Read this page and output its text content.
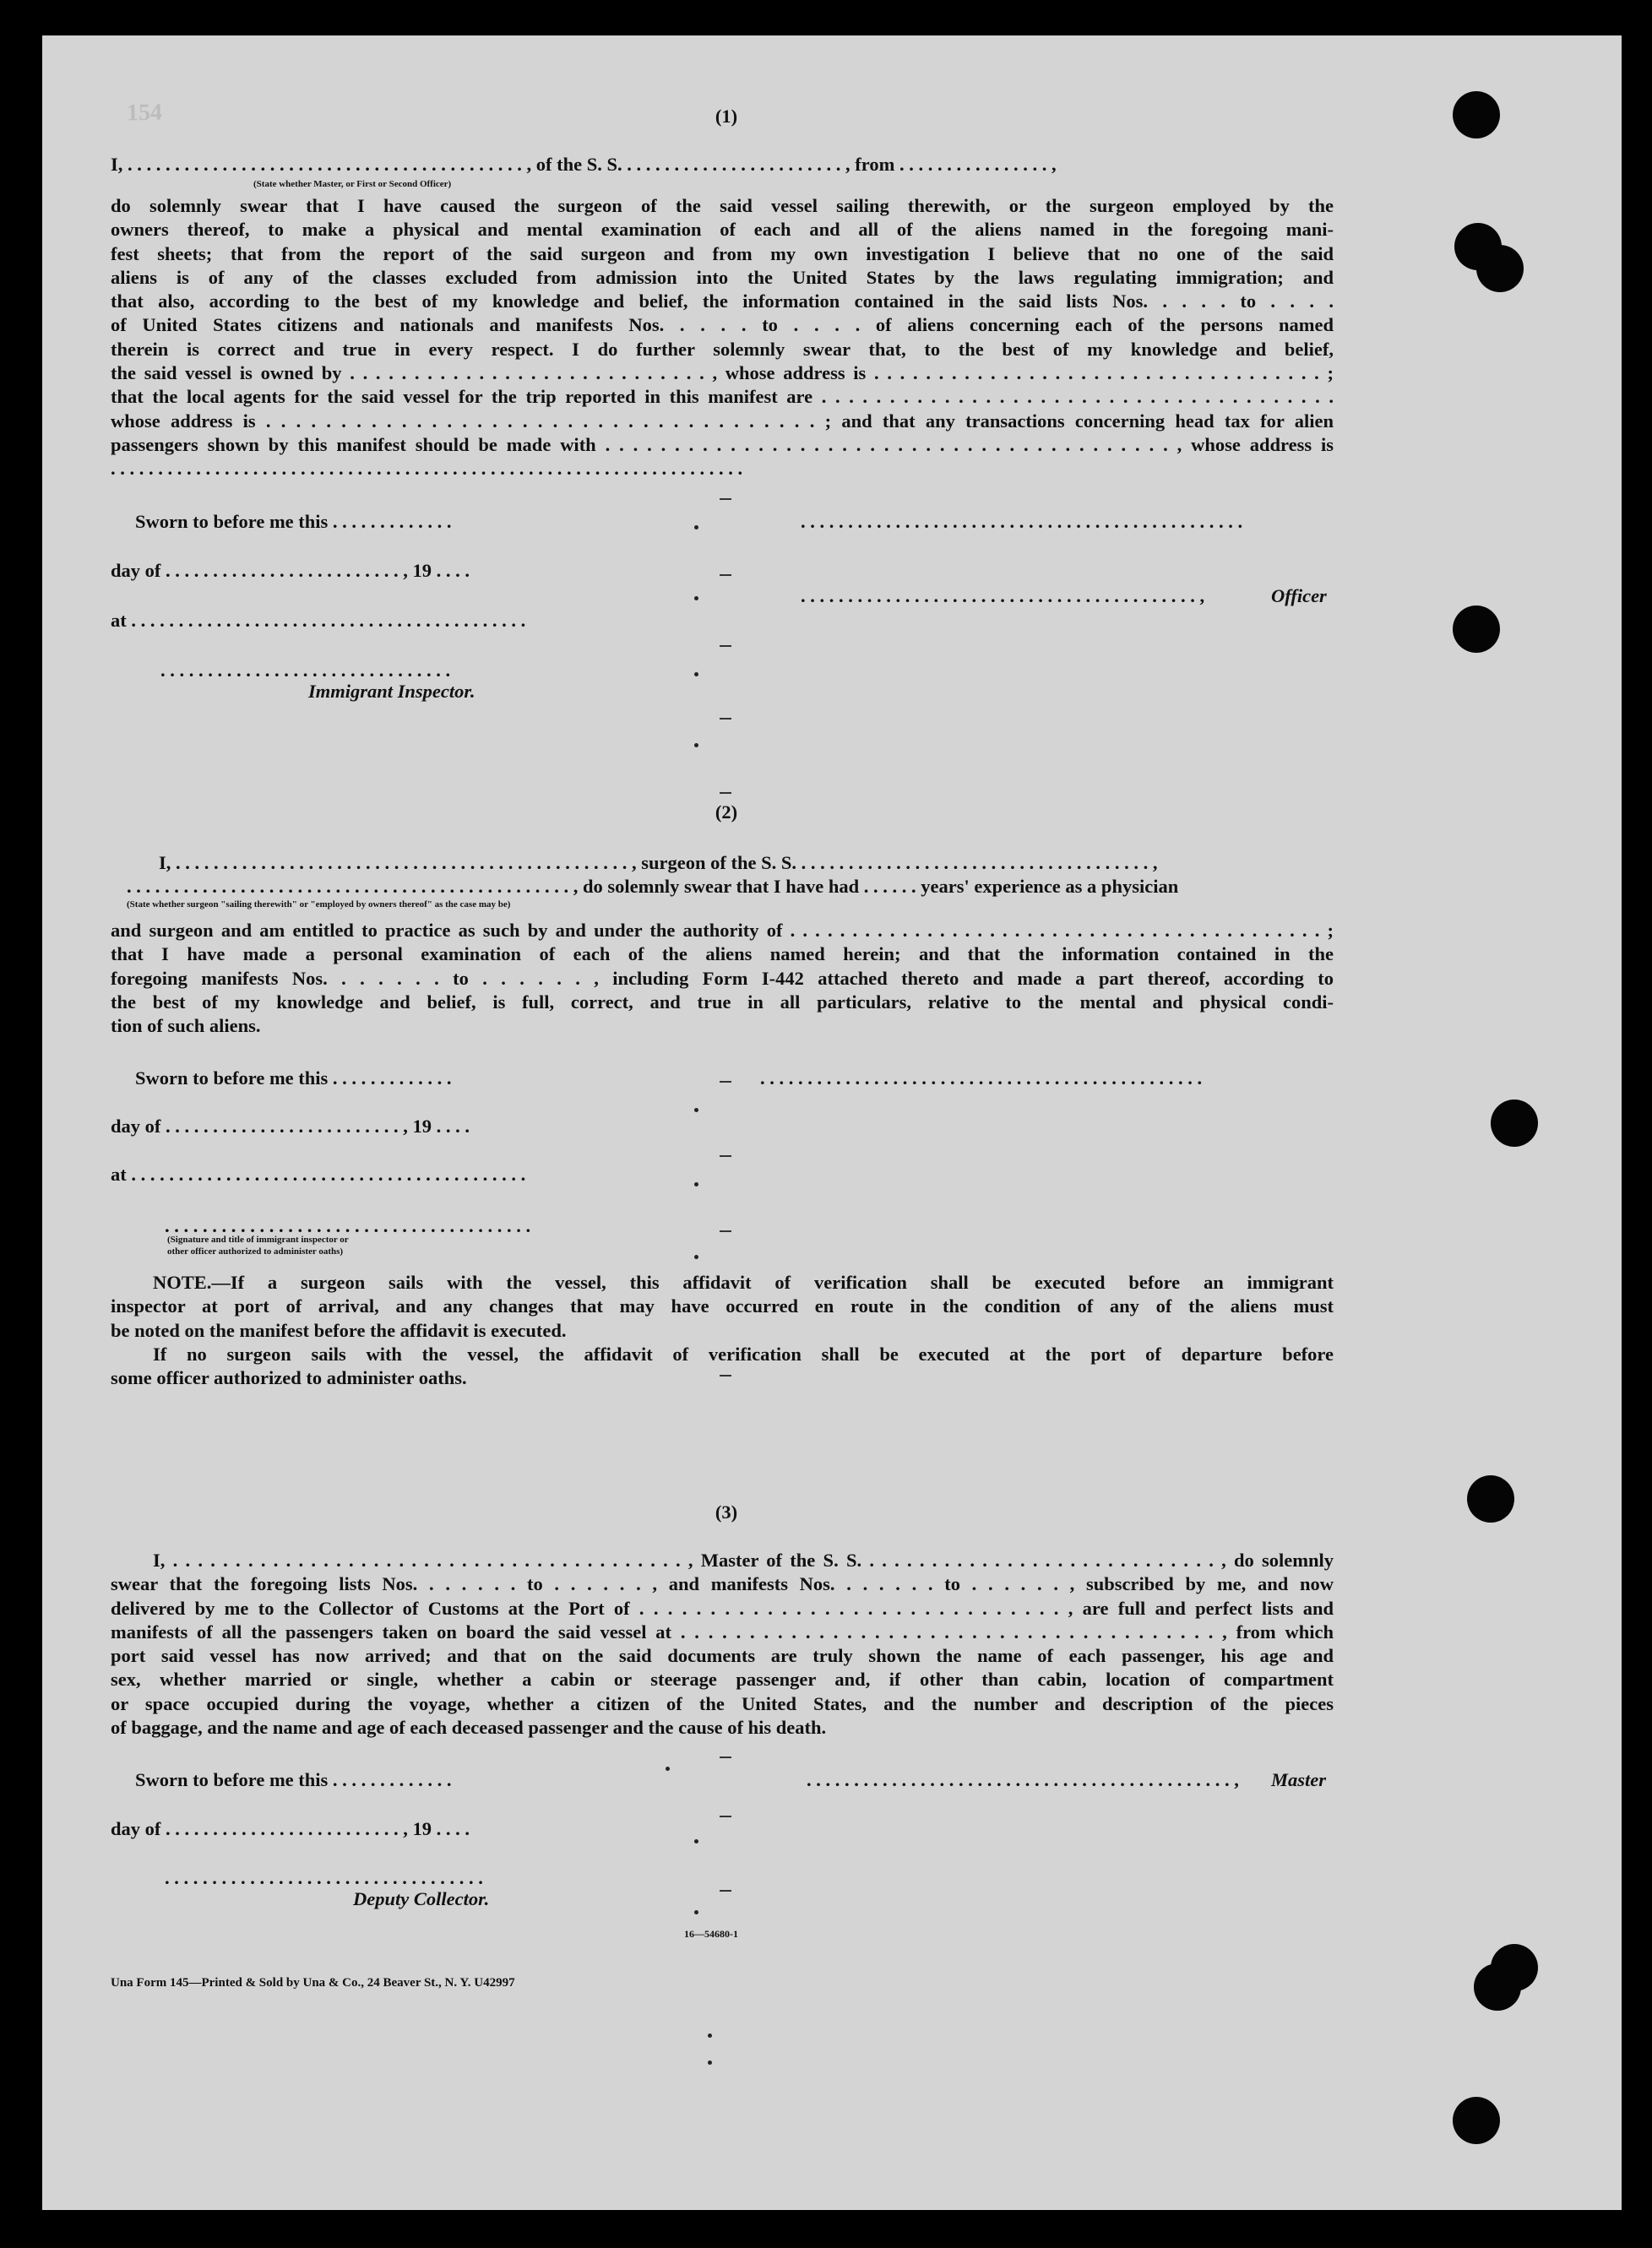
154	(1)
I, . . . . . . . . . . . . . . . . . . . . . . . . . . . . . . . . . . . . . . . . . . , of the S. S. . . . . . . . . . . . . . . . . . . . . . . . , from . . . . . . . . . . . . . . . . ,
(State whether Master, or First or Second Officer)
do solemnly swear that I have caused the surgeon of the said vessel sailing therewith, or the surgeon employed by the
owners thereof, to make a physical and mental examination of each and all of the aliens named in the foregoing mani-
fest sheets; that from the report of the said surgeon and from my own investigation I believe that no one of the said
aliens is of any of the classes excluded from admission into the United States by the laws regulating immigration; and
that also, according to the best of my knowledge and belief, the information contained in the said lists Nos. . . . . to . . . .
of United States citizens and nationals and manifests Nos. . . . . to . . . . of aliens concerning each of the persons named
therein is correct and true in every respect. I do further solemnly swear that, to the best of my knowledge and belief,
the said vessel is owned by . . . . . . . . . . . . . . . . . . . . . . . . . . . . , whose address is . . . . . . . . . . . . . . . . . . . . . . . . . . . . . . . . . . . ;
that the local agents for the said vessel for the trip reported in this manifest are . . . . . . . . . . . . . . . . . . . . . . . . . . . . . . . . . . . . . .
whose address is . . . . . . . . . . . . . . . . . . . . . . . . . . . . . . . . . . . . . ; and that any transactions concerning head tax for alien
passengers shown by this manifest should be made with . . . . . . . . . . . . . . . . . . . . . . . . . . . . . . . . . . . . . . . . . , whose address is
. . . . . . . . . . . . . . . . . . . . . . . . . . . . . . . . . . . . . . . . . . . . . . . . . . . . . . . . . . . . . . . . . . .
Sworn to before me this . . . . . . . . . . . . .	. . . . . . . . . . . . . . . . . . . . . . . . . . . . . . . . . . . . . . . . . . . . . . .
day of . . . . . . . . . . . . . . . . . . . . . . . . . , 19 . . . .
. . . . . . . . . . . . . . . . . . . . . . . . . . . . . . . . . . . . . . . . . . ,	Officer
at . . . . . . . . . . . . . . . . . . . . . . . . . . . . . . . . . . . . . . . . . .
. . . . . . . . . . . . . . . . . . . . . . . . . . . . . . .
Immigrant Inspector.
(2)
I, . . . . . . . . . . . . . . . . . . . . . . . . . . . . . . . . . . . . . . . . . . . . . . . . , surgeon of the S. S. . . . . . . . . . . . . . . . . . . . . . . . . . . . . . . . . . . . . . ,
. . . . . . . . . . . . . . . . . . . . . . . . . . . . . . . . . . . . . . . . . . . . . . . , do solemnly swear that I have had . . . . . . years' experience as a physician
(State whether surgeon "sailing therewith" or "employed by owners thereof" as the case may be)
and surgeon and am entitled to practice as such by and under the authority of . . . . . . . . . . . . . . . . . . . . . . . . . . . . . . . . . . . . . . . . . . . ;
that I have made a personal examination of each of the aliens named herein; and that the information contained in the
foregoing manifests Nos. . . . . . . to . . . . . . , including Form I-442 attached thereto and made a part thereof, according to
the best of my knowledge and belief, is full, correct, and true in all particulars, relative to the mental and physical condi-
tion of such aliens.
Sworn to before me this . . . . . . . . . . . . .	. . . . . . . . . . . . . . . . . . . . . . . . . . . . . . . . . . . . . . . . . . . . . . .
day of . . . . . . . . . . . . . . . . . . . . . . . . . , 19 . . . .
at . . . . . . . . . . . . . . . . . . . . . . . . . . . . . . . . . . . . . . . . . .
. . . . . . . . . . . . . . . . . . . . . . . . . . . . . . . . . . . . . . .
(Signature and title of immigrant inspector or
other officer authorized to administer oaths)
NOTE.—If a surgeon sails with the vessel, this affidavit of verification shall be executed before an immigrant
inspector at port of arrival, and any changes that may have occurred en route in the condition of any of the aliens must
be noted on the manifest before the affidavit is executed.
If no surgeon sails with the vessel, the affidavit of verification shall be executed at the port of departure before
some officer authorized to administer oaths.
(3)
I, . . . . . . . . . . . . . . . . . . . . . . . . . . . . . . . . . . . . . . . . . , Master of the S. S. . . . . . . . . . . . . . . . . . . . . . . . . . . . . , do solemnly
swear that the foregoing lists Nos. . . . . . . to . . . . . . , and manifests Nos. . . . . . . to . . . . . . , subscribed by me, and now
delivered by me to the Collector of Customs at the Port of . . . . . . . . . . . . . . . . . . . . . . . . . . . . . . , are full and perfect lists and
manifests of all the passengers taken on board the said vessel at . . . . . . . . . . . . . . . . . . . . . . . . . . . . . . . . . . . . . . . , from which
port said vessel has now arrived; and that on the said documents are truly shown the name of each passenger, his age and
sex, whether married or single, whether a cabin or steerage passenger and, if other than cabin, location of compartment
or space occupied during the voyage, whether a citizen of the United States, and the number and description of the pieces
of baggage, and the name and age of each deceased passenger and the cause of his death.
Sworn to before me this . . . . . . . . . . . . .	. . . . . . . . . . . . . . . . . . . . . . . . . . . . . . . . . . . . . . . . . . . . . , Master
day of . . . . . . . . . . . . . . . . . . . . . . . . . , 19 . . . .
. . . . . . . . . . . . . . . . . . . . . . . . . . . . . . . . . .
Deputy Collector.
16—54680-1
Una Form 145—Printed & Sold by Una & Co., 24 Beaver St., N. Y. U42997
